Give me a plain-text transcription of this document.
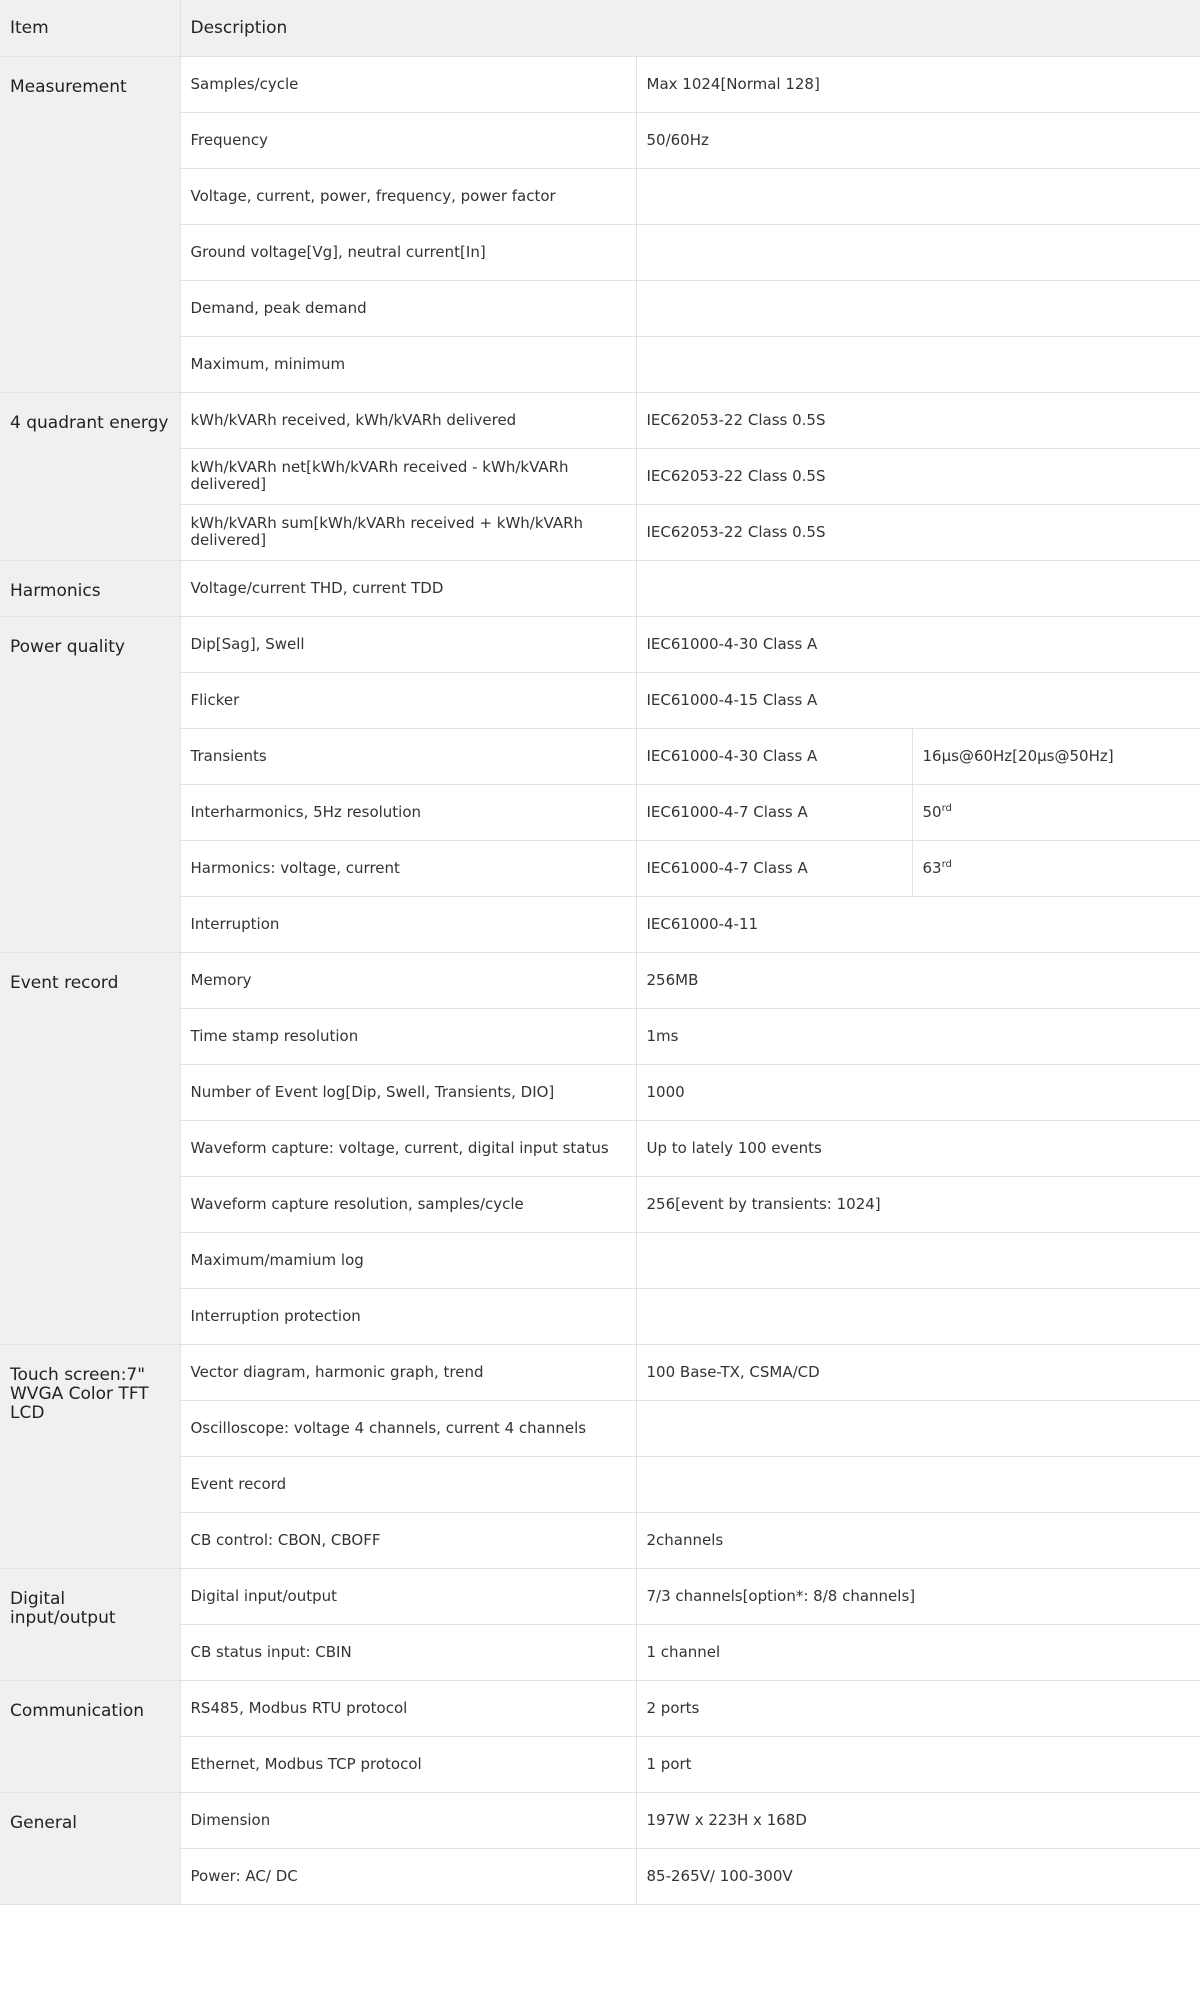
Item	Description		
Measurement	Samples/cycle	Max 1024[Normal 128]	
	Frequency	50/60Hz	
	Voltage, current, power, frequency, power factor		
	Ground voltage[Vg], neutral current[In]		
	Demand, peak demand		
	Maximum, minimum		
4 quadrant energy	kWh/kVARh received, kWh/kVARh delivered	IEC62053-22 Class 0.5S	
	kWh/kVARh net[kWh/kVARh received - kWh/kVARh delivered]	IEC62053-22 Class 0.5S	
	kWh/kVARh sum[kWh/kVARh received + kWh/kVARh delivered]	IEC62053-22 Class 0.5S	
Harmonics	Voltage/current THD, current TDD		
Power quality	Dip[Sag], Swell	IEC61000-4-30 Class A	
	Flicker	IEC61000-4-15 Class A	
	Transients	IEC61000-4-30 Class A	16μs@60Hz[20μs@50Hz]
	Interharmonics, 5Hz resolution	IEC61000-4-7 Class A	50rd
	Harmonics: voltage, current	IEC61000-4-7 Class A	63rd
	Interruption	IEC61000-4-11	
Event record	Memory	256MB	
	Time stamp resolution	1ms	
	Number of Event log[Dip, Swell, Transients, DIO]	1000	
	Waveform capture: voltage, current, digital input status	Up to lately 100 events	
	Waveform capture resolution, samples/cycle	256[event by transients: 1024]	
	Maximum/mamium log		
	Interruption protection		
Touch screen:7" WVGA Color TFT LCD	Vector diagram, harmonic graph, trend	100 Base-TX, CSMA/CD	
	Oscilloscope: voltage 4 channels, current 4 channels		
	Event record		
	CB control: CBON, CBOFF	2channels	
Digital input/output	Digital input/output	7/3 channels[option*: 8/8 channels]	
	CB status input: CBIN	1 channel	
Communication	RS485, Modbus RTU protocol	2 ports	
	Ethernet, Modbus TCP protocol	1 port	
General	Dimension	197W x 223H x 168D	
	Power: AC/ DC	85-265V/ 100-300V	
